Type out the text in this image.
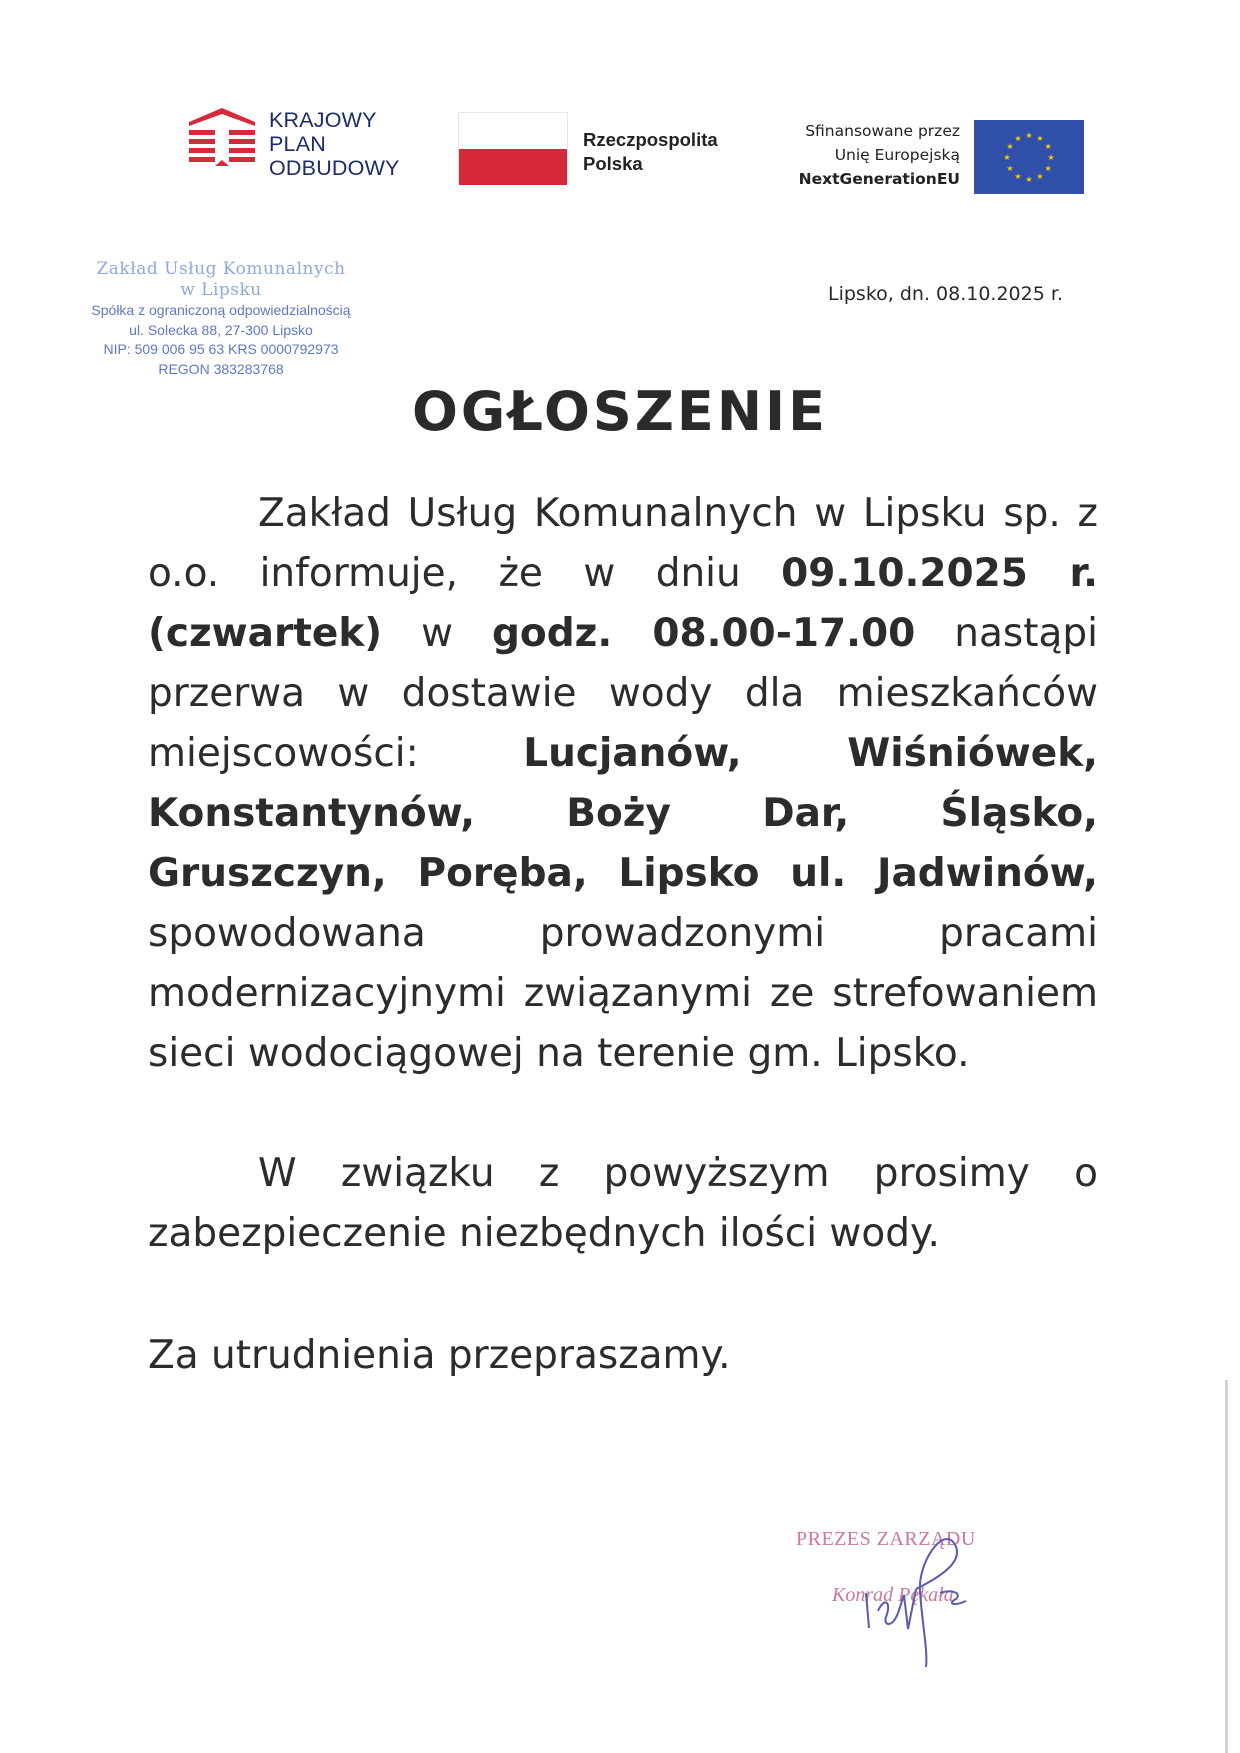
KRAJOWY
PLAN
ODBUDOWY
Rzeczpospolita
Polska
Sfinansowane przez
Unię Europejską
NextGenerationEU
★ ★
★
★
★
★
★
★
★
★
★
★
Zakład Usług Komunalnych
w Lipsku
Spółka z ograniczoną odpowiedzialnością
ul. Solecka 88, 27-300 Lipsko
NIP: 509 006 95 63 KRS 0000792973
REGON 383283768
Lipsko, dn. 08.10.2025 r.
OGŁOSZENIE

Zakład Usług Komunalnych w Lipsku sp. z o.o. informuje, że w dniu 09.10.2025 r. (czwartek) w godz. 08.00-17.00 nastąpi przerwa w dostawie wody dla mieszkańców miejscowości: Lucjanów, Wiśniówek, Konstantynów, Boży Dar, Śląsko, Gruszczyn, Poręba, Lipsko ul. Jadwinów, spowodowana prowadzonymi pracami modernizacyjnymi związanymi ze strefowaniem sieci wodociągowej na terenie gm. Lipsko.

W związku z powyższym prosimy o zabezpieczenie niezbędnych ilości wody.

Za utrudnienia przepraszamy.

PREZES ZARZĄDU
Konrad Pękała
